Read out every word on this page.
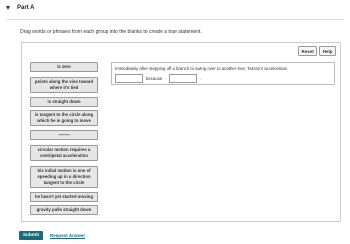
Part A
Drag words or phrases from each group into the blanks to create a true statement.
Reset	Help
is zero
points along the vine toward where it's tied
is straight down
is tangent to the circle along which he is going to move
----------
circular motion requires a centripetal acceleration
his initial motion is one of speeding up in a direction tangent to the circle
he hasn't yet started moving
gravity pulls straight down
Immediately after stepping off a branch to swing over to another tree, Tarzan's acceleration
because	.
Submit	Request Answer
